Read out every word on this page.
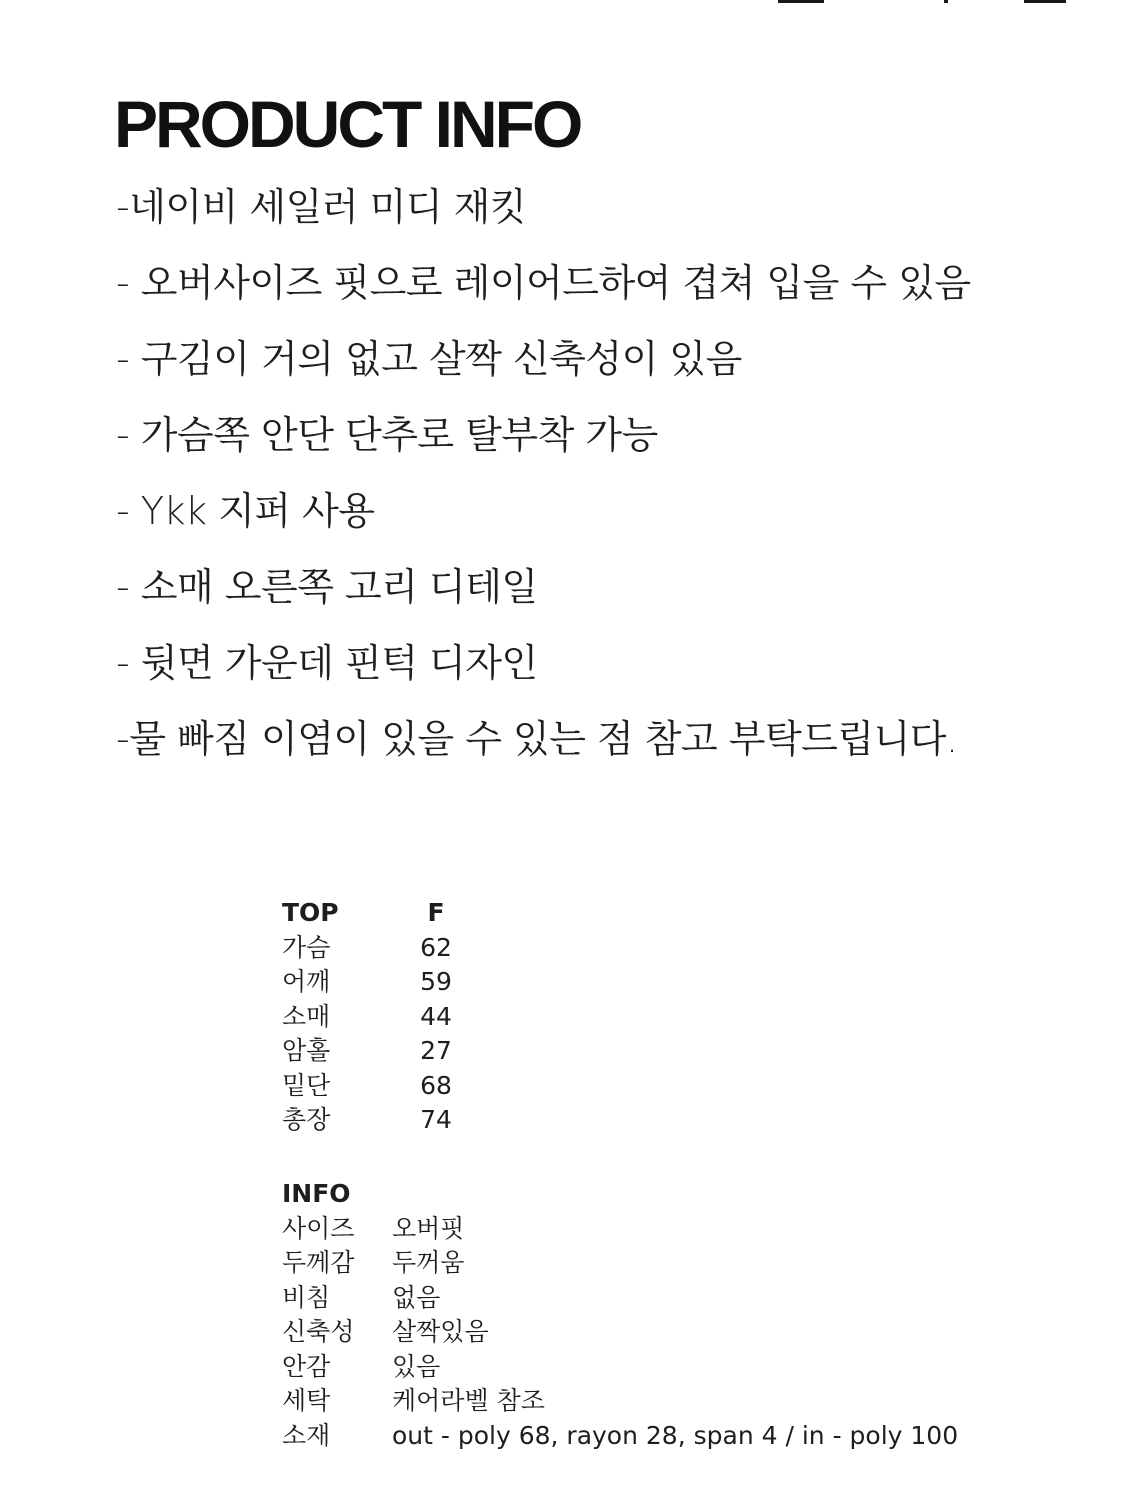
PRODUCT INFO
-네이비 세일러 미디 재킷
- 오버사이즈 핏으로 레이어드하여 겹쳐 입을 수 있음
- 구김이 거의 없고 살짝 신축성이 있음
- 가슴쪽 안단 단추로 탈부착 가능
- Ykk 지퍼 사용
- 소매 오른쪽 고리 디테일
- 뒷면 가운데 핀턱 디자인
-물 빠짐 이염이 있을 수 있는 점 참고 부탁드립니다.
TOP	F
가슴	62
어깨	59
소매	44
암홀	27
밑단	68
총장	74
INFO
사이즈	오버핏
두께감	두꺼움
비침	없음
신축성	살짝있음
안감	있음
세탁	케어라벨 참조
소재	out - poly 68, rayon 28, span 4 / in - poly 100
